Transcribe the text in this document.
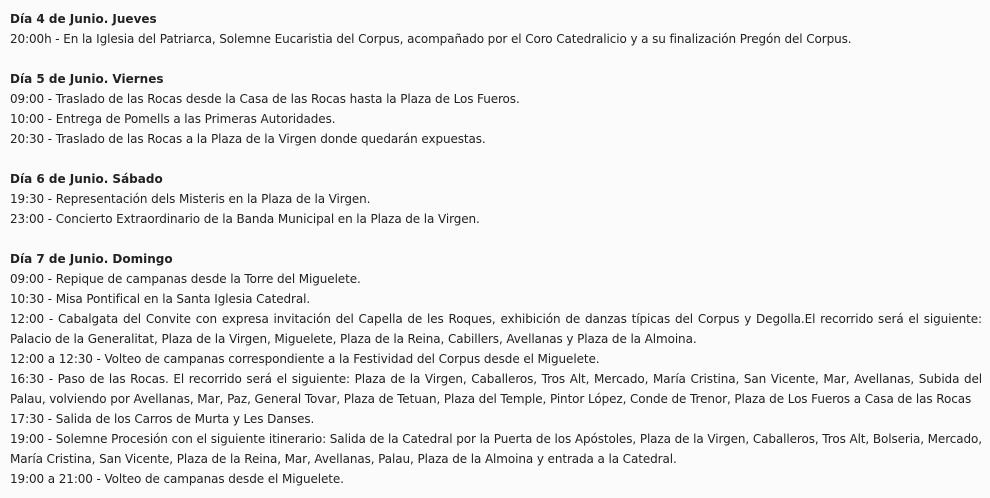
Día 4 de Junio. Jueves

20:00h - En la Iglesia del Patriarca, Solemne Eucaristia del Corpus, acompañado por el Coro Catedralicio y a su finalización Pregón del Corpus.

Día 5 de Junio. Viernes

09:00 - Traslado de las Rocas desde la Casa de las Rocas hasta la Plaza de Los Fueros.

10:00 - Entrega de Pomells a las Primeras Autoridades.

20:30 - Traslado de las Rocas a la Plaza de la Virgen donde quedarán expuestas.

Día 6 de Junio. Sábado

19:30 - Representación dels Misteris en la Plaza de la Virgen.

23:00 - Concierto Extraordinario de la Banda Municipal en la Plaza de la Virgen.

Día 7 de Junio. Domingo

09:00 - Repique de campanas desde la Torre del Miguelete.

10:30 - Misa Pontifical en la Santa Iglesia Catedral.

12:00 - Cabalgata del Convite con expresa invitación del Capella de les Roques, exhibición de danzas típicas del Corpus y Degolla.El recorrido será el siguiente: Palacio de la Generalitat, Plaza de la Virgen, Miguelete, Plaza de la Reina, Cabillers, Avellanas y Plaza de la Almoina.

12:00 a 12:30 - Volteo de campanas correspondiente a la Festividad del Corpus desde el Miguelete.

16:30 - Paso de las Rocas. El recorrido será el siguiente: Plaza de la Virgen, Caballeros, Tros Alt, Mercado, María Cristina, San Vicente, Mar, Avellanas, Subida del Palau, volviendo por Avellanas, Mar, Paz, General Tovar, Plaza de Tetuan, Plaza del Temple, Pintor López, Conde de Trenor, Plaza de Los Fueros a Casa de las Rocas

17:30 - Salida de los Carros de Murta y Les Danses.

19:00 - Solemne Procesión con el siguiente itinerario: Salida de la Catedral por la Puerta de los Apóstoles, Plaza de la Virgen, Caballeros, Tros Alt, Bolseria, Mercado, María Cristina, San Vicente, Plaza de la Reina, Mar, Avellanas, Palau, Plaza de la Almoina y entrada a la Catedral.

19:00 a 21:00 - Volteo de campanas desde el Miguelete.
